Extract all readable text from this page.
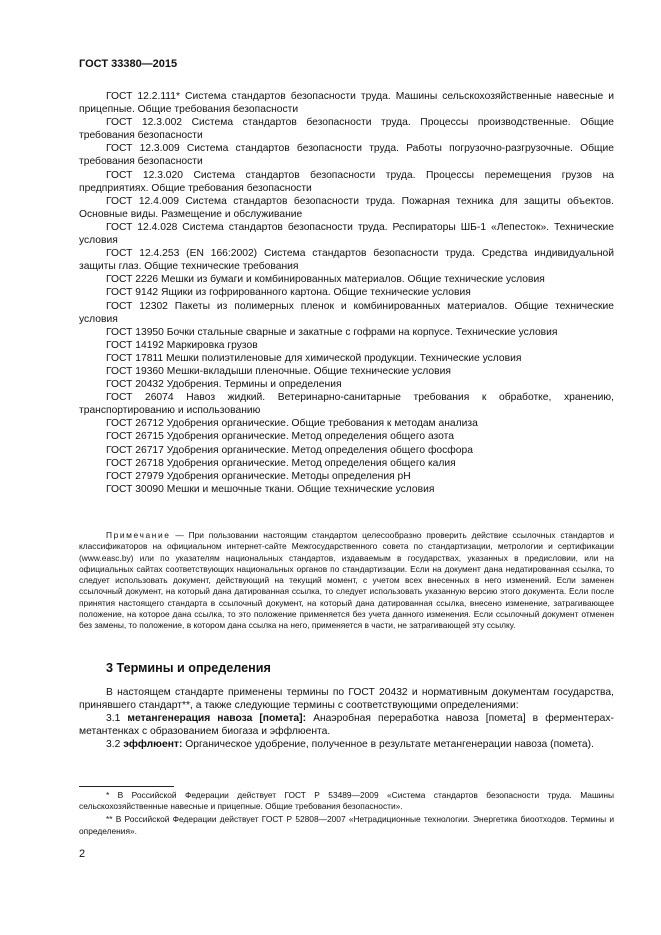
ГОСТ 33380—2015

ГОСТ 12.2.111* Система стандартов безопасности труда. Машины сельскохозяйственные навесные и прицепные. Общие требования безопасности

ГОСТ 12.3.002 Система стандартов безопасности труда. Процессы производственные. Общие требования безопасности

ГОСТ 12.3.009 Система стандартов безопасности труда. Работы погрузочно-разгрузочные. Общие требования безопасности

ГОСТ 12.3.020 Система стандартов безопасности труда. Процессы перемещения грузов на предприятиях. Общие требования безопасности

ГОСТ 12.4.009 Система стандартов безопасности труда. Пожарная техника для защиты объектов. Основные виды. Размещение и обслуживание

ГОСТ 12.4.028 Система стандартов безопасности труда. Респираторы ШБ-1 «Лепесток». Технические условия

ГОСТ 12.4.253 (EN 166:2002) Система стандартов безопасности труда. Средства индивидуальной защиты глаз. Общие технические требования

ГОСТ 2226 Мешки из бумаги и комбинированных материалов. Общие технические условия

ГОСТ 9142 Ящики из гофрированного картона. Общие технические условия

ГОСТ 12302 Пакеты из полимерных пленок и комбинированных материалов. Общие технические условия

ГОСТ 13950 Бочки стальные сварные и закатные с гофрами на корпусе. Технические условия

ГОСТ 14192 Маркировка грузов

ГОСТ 17811 Мешки полиэтиленовые для химической продукции. Технические условия

ГОСТ 19360 Мешки-вкладыши пленочные. Общие технические условия

ГОСТ 20432 Удобрения. Термины и определения

ГОСТ 26074 Навоз жидкий. Ветеринарно-санитарные требования к обработке, хранению, транспортированию и использованию

ГОСТ 26712 Удобрения органические. Общие требования к методам анализа

ГОСТ 26715 Удобрения органические. Метод определения общего азота

ГОСТ 26717 Удобрения органические. Метод определения общего фосфора

ГОСТ 26718 Удобрения органические. Метод определения общего калия

ГОСТ 27979 Удобрения органические. Методы определения pH

ГОСТ 30090 Мешки и мешочные ткани. Общие технические условия

Примечание — При пользовании настоящим стандартом целесообразно проверить действие ссылочных стандартов и классификаторов на официальном интернет-сайте Межгосударственного совета по стандартизации, метрологии и сертификации (www.easc.by) или по указателям национальных стандартов, издаваемым в государствах, указанных в предисловии, или на официальных сайтах соответствующих национальных органов по стандартизации. Если на документ дана недатированная ссылка, то следует использовать документ, действующий на текущий момент, с учетом всех внесенных в него изменений. Если заменен ссылочный документ, на который дана датированная ссылка, то следует использовать указанную версию этого документа. Если после принятия настоящего стандарта в ссылочный документ, на который дана датированная ссылка, внесено изменение, затрагивающее положение, на которое дана ссылка, то это положение применяется без учета данного изменения. Если ссылочный документ отменен без замены, то положение, в котором дана ссылка на него, применяется в части, не затрагивающей эту ссылку.

3 Термины и определения

В настоящем стандарте применены термины по ГОСТ 20432 и нормативным документам государства, принявшего стандарт**, а также следующие термины с соответствующими определениями:

3.1 метангенерация навоза [помета]: Анаэробная переработка навоза [помета] в ферментерах-метантенках с образованием биогаза и эффлюента.

3.2 эффлюент: Органическое удобрение, полученное в результате метангенерации навоза (помета).

* В Российской Федерации действует ГОСТ Р 53489—2009 «Система стандартов безопасности труда. Машины сельскохозяйственные навесные и прицепные. Общие требования безопасности».

** В Российской Федерации действует ГОСТ Р 52808—2007 «Нетрадиционные технологии. Энергетика биоотходов. Термины и определения».

2
